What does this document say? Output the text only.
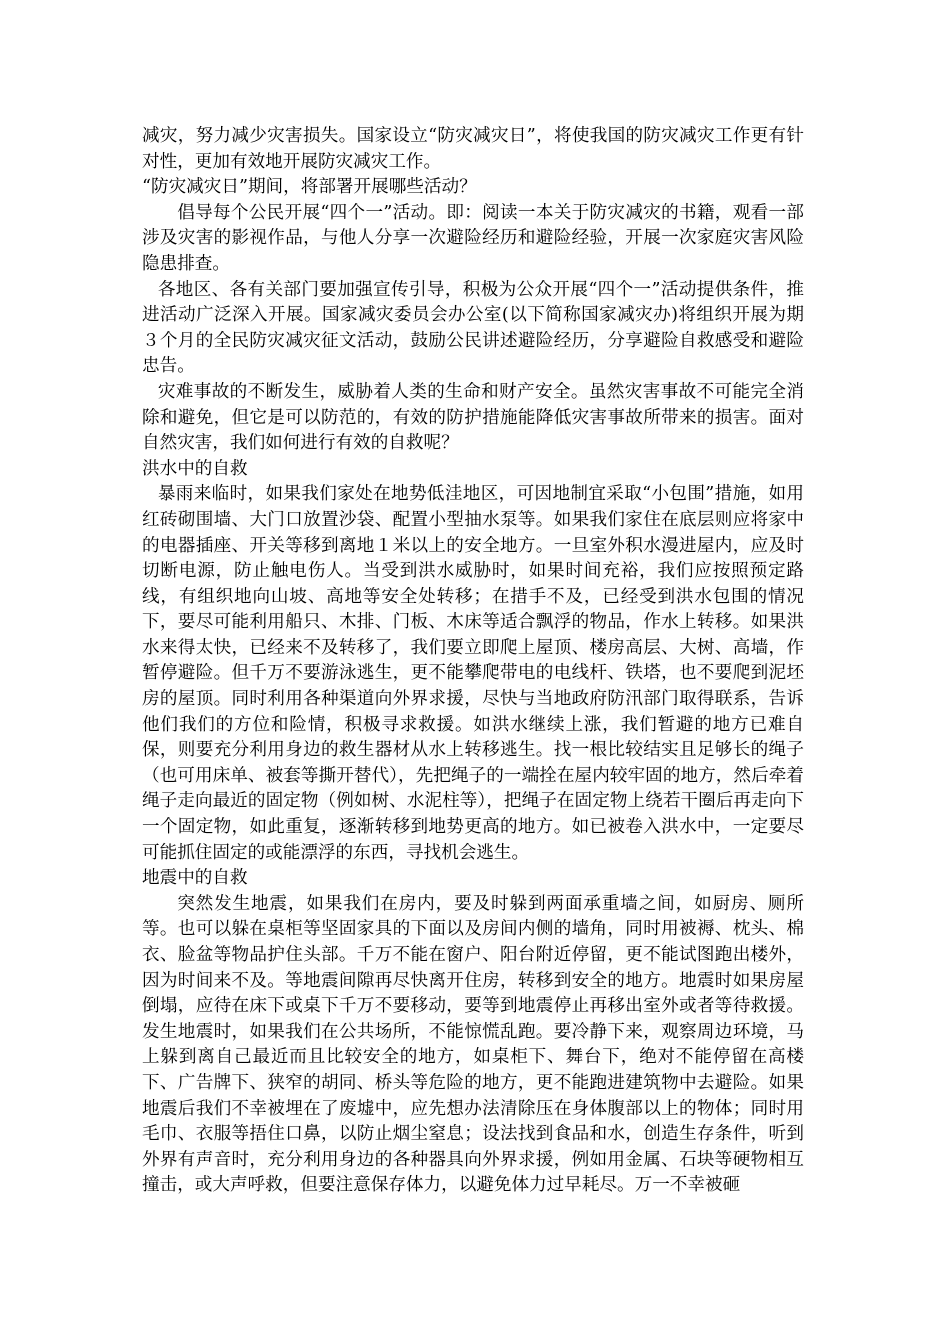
减灾，努力减少灾害损失。国家设立“防灾减灾日”，将使我国的防灾减灾工作更有针对性，更加有效地开展防灾减灾工作。

“防灾减灾日”期间，将部署开展哪些活动？

倡导每个公民开展“四个一”活动。即：阅读一本关于防灾减灾的书籍，观看一部涉及灾害的影视作品，与他人分享一次避险经历和避险经验，开展一次家庭灾害风险隐患排查。

各地区、各有关部门要加强宣传引导，积极为公众开展“四个一”活动提供条件，推进活动广泛深入开展。国家减灾委员会办公室(以下简称国家减灾办)将组织开展为期３个月的全民防灾减灾征文活动，鼓励公民讲述避险经历，分享避险自救感受和避险忠告。

灾难事故的不断发生，威胁着人类的生命和财产安全。虽然灾害事故不可能完全消除和避免，但它是可以防范的，有效的防护措施能降低灾害事故所带来的损害。面对自然灾害，我们如何进行有效的自救呢？

洪水中的自救

暴雨来临时，如果我们家处在地势低洼地区，可因地制宜采取“小包围”措施，如用红砖砌围墙、大门口放置沙袋、配置小型抽水泵等。如果我们家住在底层则应将家中的电器插座、开关等移到离地１米以上的安全地方。一旦室外积水漫进屋内，应及时切断电源，防止触电伤人。当受到洪水威胁时，如果时间充裕，我们应按照预定路线，有组织地向山坡、高地等安全处转移；在措手不及，已经受到洪水包围的情况下，要尽可能利用船只、木排、门板、木床等适合飘浮的物品，作水上转移。如果洪水来得太快，已经来不及转移了，我们要立即爬上屋顶、楼房高层、大树、高墙，作暂停避险。但千万不要游泳逃生，更不能攀爬带电的电线杆、铁塔，也不要爬到泥坯房的屋顶。同时利用各种渠道向外界求援，尽快与当地政府防汛部门取得联系，告诉他们我们的方位和险情，积极寻求救援。如洪水继续上涨，我们暂避的地方已难自保，则要充分利用身边的救生器材从水上转移逃生。找一根比较结实且足够长的绳子（也可用床单、被套等撕开替代），先把绳子的一端拴在屋内较牢固的地方，然后牵着绳子走向最近的固定物（例如树、水泥柱等），把绳子在固定物上绕若干圈后再走向下一个固定物，如此重复，逐渐转移到地势更高的地方。如已被卷入洪水中，一定要尽可能抓住固定的或能漂浮的东西，寻找机会逃生。

地震中的自救

突然发生地震，如果我们在房内，要及时躲到两面承重墙之间，如厨房、厕所等。也可以躲在桌柜等坚固家具的下面以及房间内侧的墙角，同时用被褥、枕头、棉衣、脸盆等物品护住头部。千万不能在窗户、阳台附近停留，更不能试图跑出楼外，因为时间来不及。等地震间隙再尽快离开住房，转移到安全的地方。地震时如果房屋倒塌，应待在床下或桌下千万不要移动，要等到地震停止再移出室外或者等待救援。发生地震时，如果我们在公共场所，不能惊慌乱跑。要冷静下来，观察周边环境，马上躲到离自己最近而且比较安全的地方，如桌柜下、舞台下，绝对不能停留在高楼下、广告牌下、狭窄的胡同、桥头等危险的地方，更不能跑进建筑物中去避险。如果地震后我们不幸被埋在了废墟中，应先想办法清除压在身体腹部以上的物体；同时用毛巾、衣服等捂住口鼻，以防止烟尘窒息；设法找到食品和水，创造生存条件，听到外界有声音时，充分利用身边的各种器具向外界求援，例如用金属、石块等硬物相互撞击，或大声呼救，但要注意保存体力，以避免体力过早耗尽。万一不幸被砸
